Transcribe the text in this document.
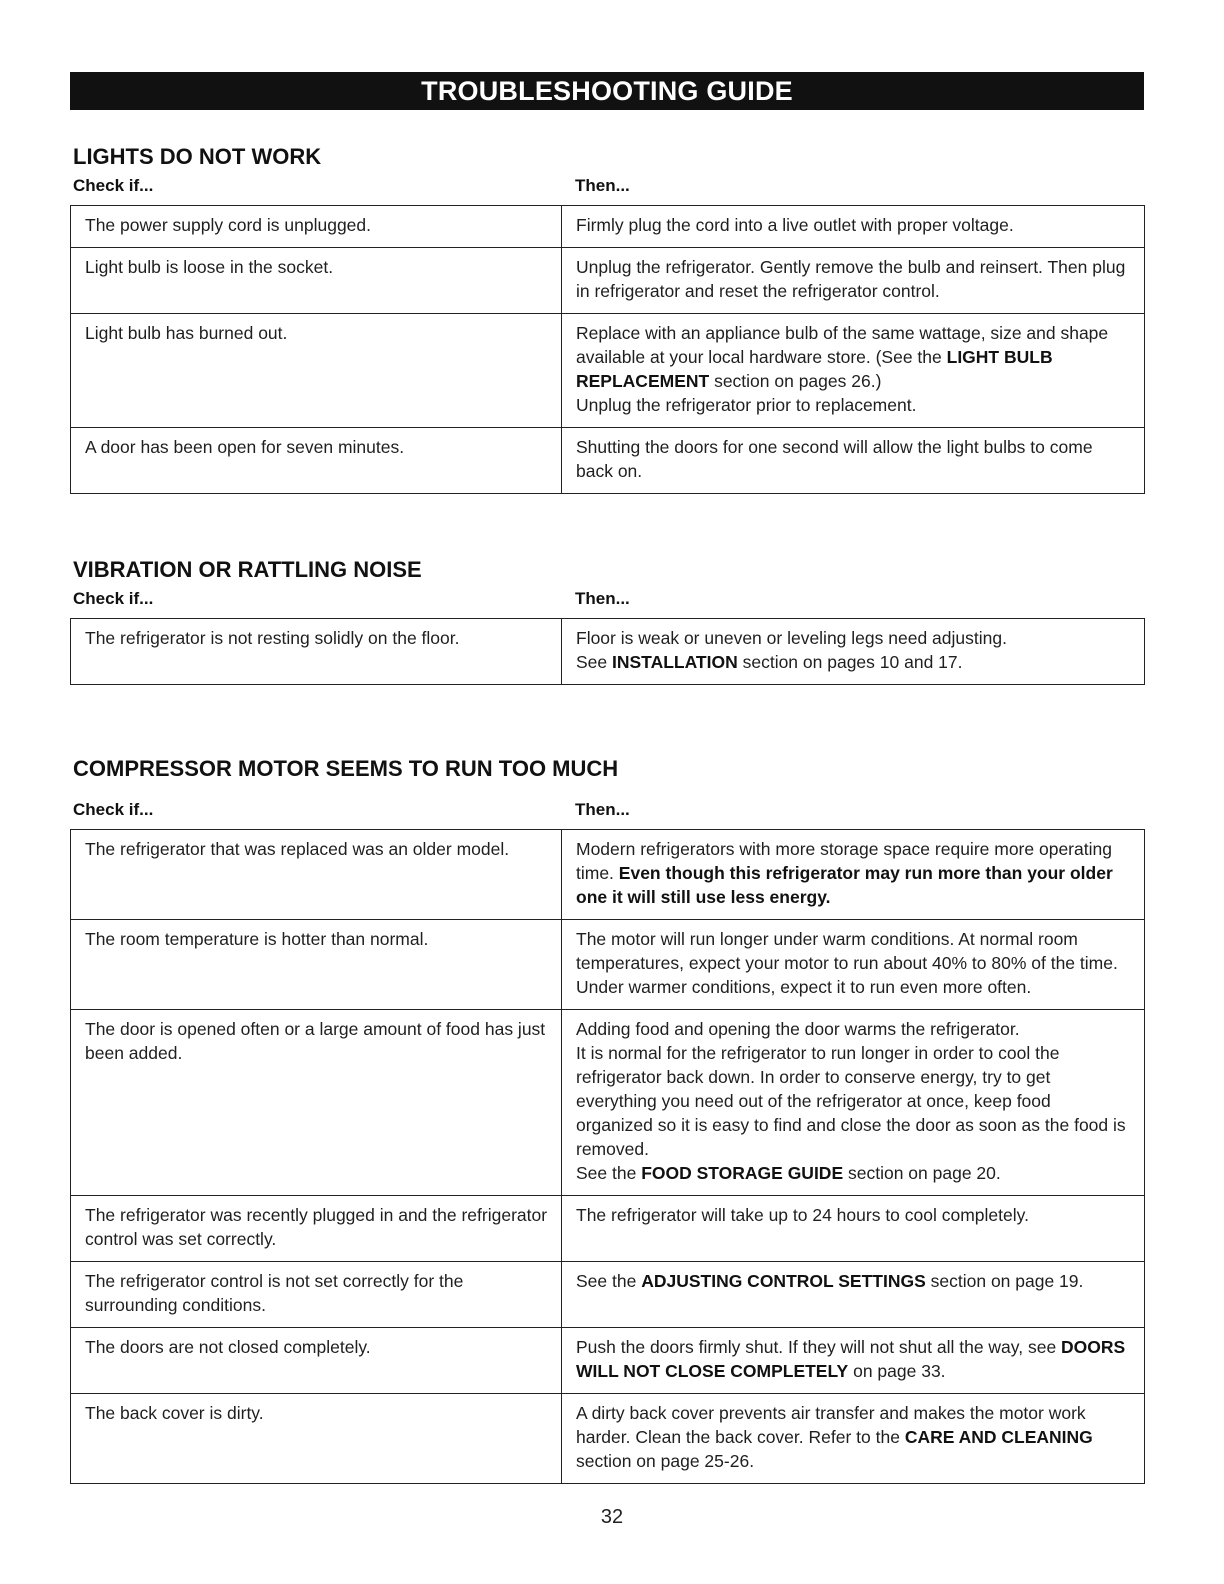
TROUBLESHOOTING GUIDE
LIGHTS DO NOT WORK
Check if...	Then...
The power supply cord is unplugged.	Firmly plug the cord into a live outlet with proper voltage.
Light bulb is loose in the socket.	Unplug the refrigerator. Gently remove the bulb and reinsert. Then plug in refrigerator and reset the refrigerator control.
Light bulb has burned out.	Replace with an appliance bulb of the same wattage, size and shape available at your local hardware store. (See the LIGHT BULB REPLACEMENT section on pages 26.)
Unplug the refrigerator prior to replacement.
A door has been open for seven minutes.	Shutting the doors for one second will allow the light bulbs to come back on.
VIBRATION OR RATTLING NOISE
Check if...	Then...
The refrigerator is not resting solidly on the floor.	Floor is weak or uneven or leveling legs need adjusting.
See INSTALLATION section on pages 10 and 17.
COMPRESSOR MOTOR SEEMS TO RUN TOO MUCH
Check if...	Then...
The refrigerator that was replaced was an older model.	Modern refrigerators with more storage space require more operating time. Even though this refrigerator may run more than your older one it will still use less energy.
The room temperature is hotter than normal.	The motor will run longer under warm conditions. At normal room temperatures, expect your motor to run about 40% to 80% of the time. Under warmer conditions, expect it to run even more often.
The door is opened often or a large amount of food has just been added.	Adding food and opening the door warms the refrigerator.
It is normal for the refrigerator to run longer in order to cool the refrigerator back down. In order to conserve energy, try to get everything you need out of the refrigerator at once, keep food organized so it is easy to find and close the door as soon as the food is removed.
See the FOOD STORAGE GUIDE section on page 20.
The refrigerator was recently plugged in and the refrigerator control was set correctly.	The refrigerator will take up to 24 hours to cool completely.
The refrigerator control is not set correctly for the surrounding conditions.	See the ADJUSTING CONTROL SETTINGS section on page 19.
The doors are not closed completely.	Push the doors firmly shut. If they will not shut all the way, see DOORS WILL NOT CLOSE COMPLETELY on page 33.
The back cover is dirty.	A dirty back cover prevents air transfer and makes the motor work harder. Clean the back cover. Refer to the CARE AND CLEANING section on page 25-26.
32
